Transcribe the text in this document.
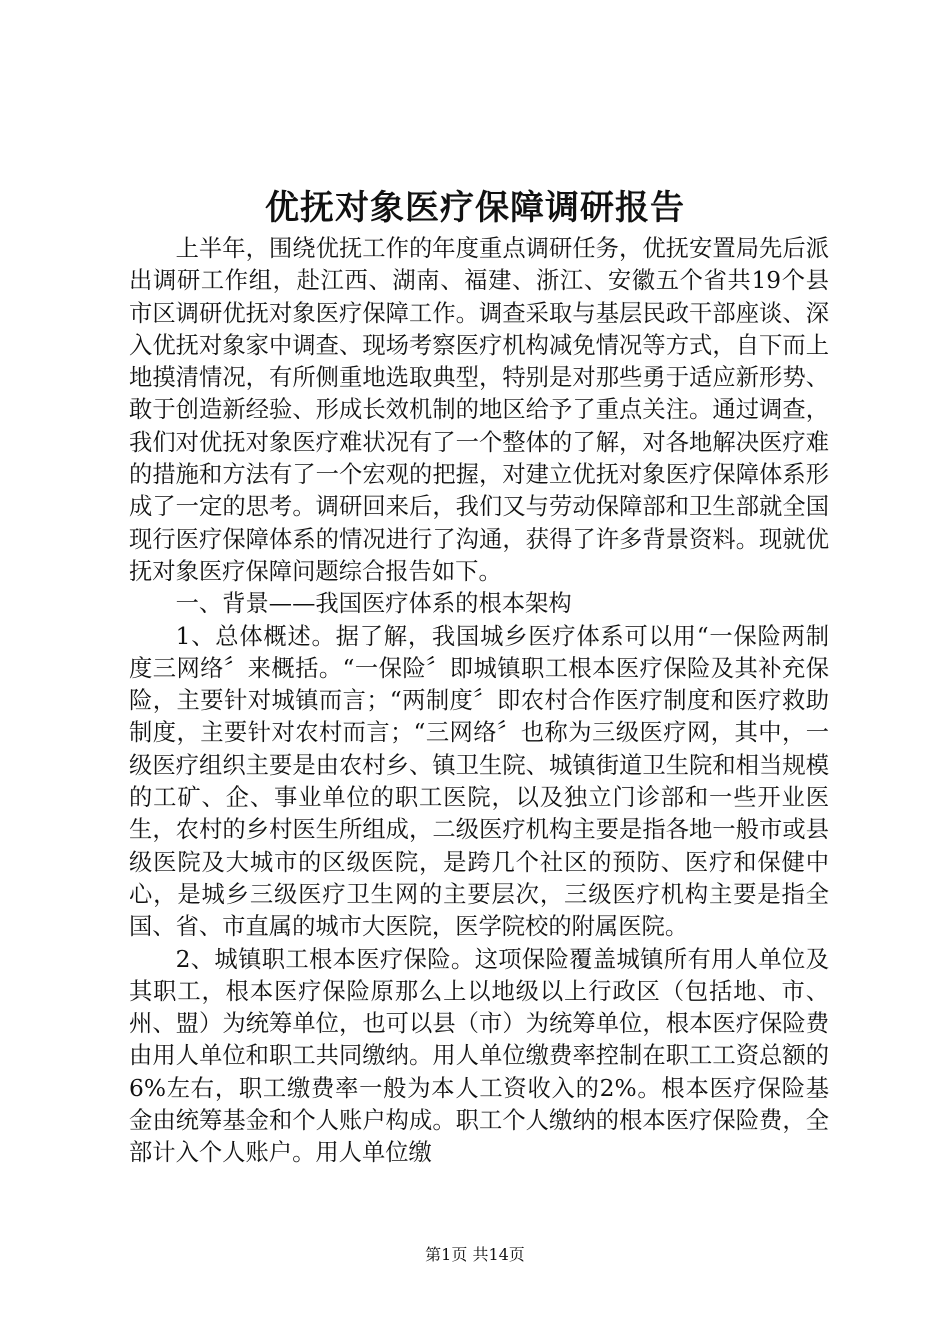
优抚对象医疗保障调研报告

上半年，围绕优抚工作的年度重点调研任务，优抚安置局先后派出调研工作组，赴江西、湖南、福建、浙江、安徽五个省共19个县市区调研优抚对象医疗保障工作。调查采取与基层民政干部座谈、深入优抚对象家中调查、现场考察医疗机构减免情况等方式，自下而上地摸清情况，有所侧重地选取典型，特别是对那些勇于适应新形势、敢于创造新经验、形成长效机制的地区给予了重点关注。通过调查，我们对优抚对象医疗难状况有了一个整体的了解，对各地解决医疗难的措施和方法有了一个宏观的把握，对建立优抚对象医疗保障体系形成了一定的思考。调研回来后，我们又与劳动保障部和卫生部就全国现行医疗保障体系的情况进行了沟通，获得了许多背景资料。现就优抚对象医疗保障问题综合报告如下。

一、背景——我国医疗体系的根本架构

1、总体概述。据了解，我国城乡医疗体系可以用“一保险两制度三网络〞来概括。“一保险〞即城镇职工根本医疗保险及其补充保险，主要针对城镇而言；“两制度〞即农村合作医疗制度和医疗救助制度，主要针对农村而言；“三网络〞也称为三级医疗网，其中，一级医疗组织主要是由农村乡、镇卫生院、城镇街道卫生院和相当规模的工矿、企、事业单位的职工医院，以及独立门诊部和一些开业医生，农村的乡村医生所组成，二级医疗机构主要是指各地一般市或县级医院及大城市的区级医院，是跨几个社区的预防、医疗和保健中心，是城乡三级医疗卫生网的主要层次，三级医疗机构主要是指全国、省、市直属的城市大医院，医学院校的附属医院。

2、城镇职工根本医疗保险。这项保险覆盖城镇所有用人单位及其职工，根本医疗保险原那么上以地级以上行政区（包括地、市、州、盟）为统筹单位，也可以县（市）为统筹单位，根本医疗保险费由用人单位和职工共同缴纳。用人单位缴费率控制在职工工资总额的6%左右，职工缴费率一般为本人工资收入的2%。根本医疗保险基金由统筹基金和个人账户构成。职工个人缴纳的根本医疗保险费，全部计入个人账户。用人单位缴

第1页 共14页
